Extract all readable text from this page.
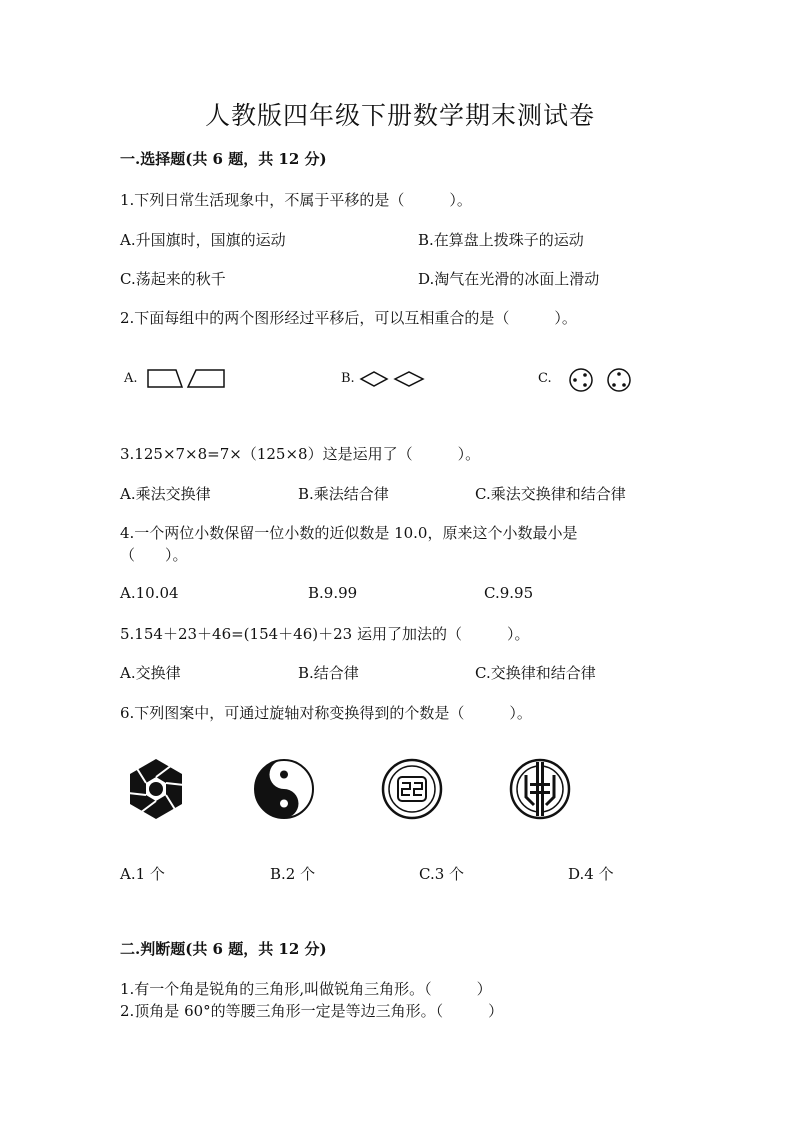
人教版四年级下册数学期末测试卷
一.选择题(共 6 题，共 12 分)
1.下列日常生活现象中，不属于平移的是（　　　）。
A.升国旗时，国旗的运动	B.在算盘上拨珠子的运动
C.荡起来的秋千	D.淘气在光滑的冰面上滑动
2.下面每组中的两个图形经过平移后，可以互相重合的是（　　　）。
A.	B.	C.
3.125×7×8=7×（125×8）这是运用了（　　　）。
A.乘法交换律	B.乘法结合律	C.乘法交换律和结合律
4.一个两位小数保留一位小数的近似数是 10.0，原来这个小数最小是
（　　）。
A.10.04	B.9.99	C.9.95
5.154＋23＋46=(154＋46)＋23 运用了加法的（　　　）。
A.交换律	B.结合律	C.交换律和结合律
6.下列图案中，可通过旋轴对称变换得到的个数是（　　　）。
A.1 个	B.2 个	C.3 个	D.4 个
二.判断题(共 6 题，共 12 分)
1.有一个角是锐角的三角形,叫做锐角三角形。（　　　）
2.顶角是 60°的等腰三角形一定是等边三角形。（　　　）
